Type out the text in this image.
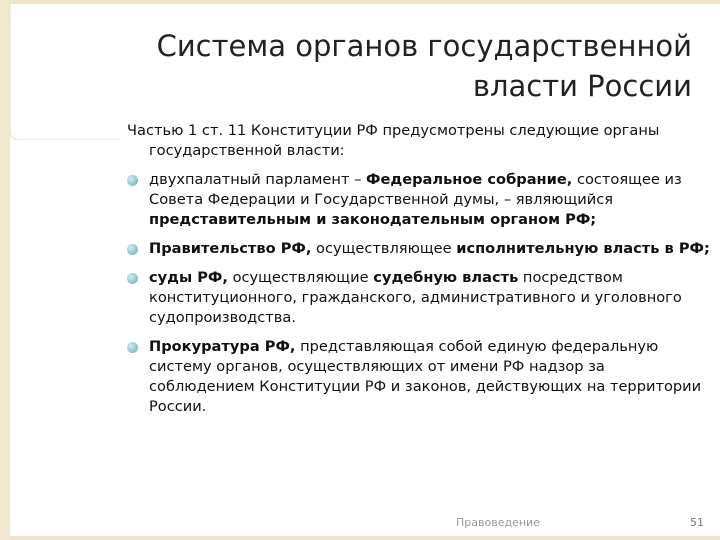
Система органов государственной власти России

Частью 1 ст. 11 Конституции РФ предусмотрены следующие органы государственной власти:

двухпалатный парламент – Федеральное собрание, состоящее из Совета Федерации и Государственной думы, – являющийся представительным и законодательным органом РФ;
Правительство РФ, осуществляющее исполнительную власть в РФ;
суды РФ, осуществляющие судебную власть посредством конституционного, гражданского, административного и уголовного судопроизводства.
Прокуратура РФ, представляющая собой единую федеральную систему органов, осуществляющих от имени РФ надзор за соблюдением Конституции РФ и законов, действующих на территории России.
Правоведение	51
